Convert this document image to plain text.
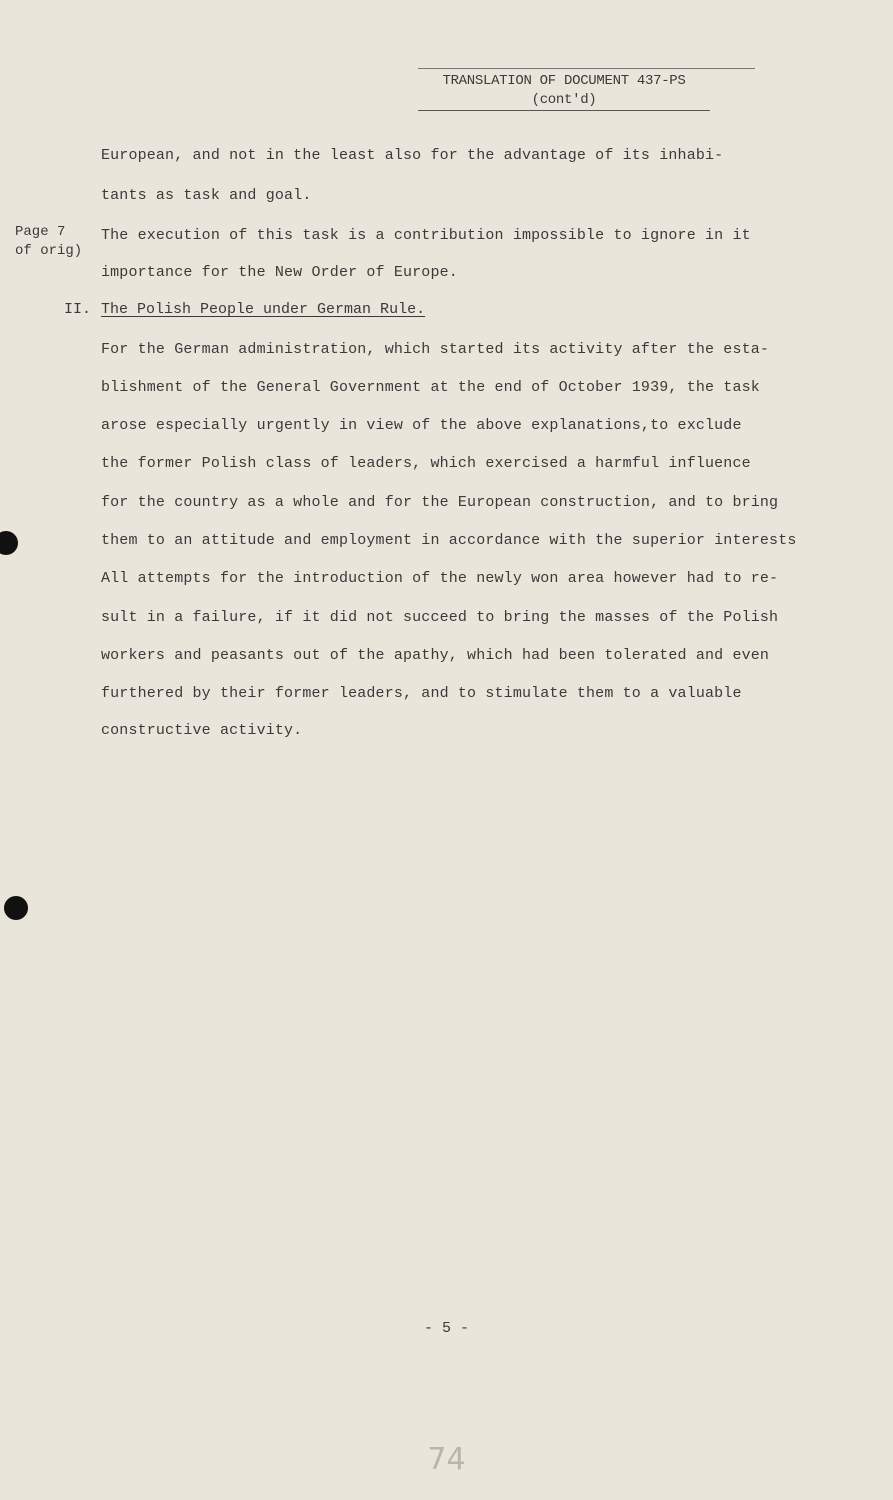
TRANSLATION OF DOCUMENT 437-PS
(cont'd)
European, and not in the least also for the advantage of its inhabi-
tants as task and goal.
Page 7
of orig)
The execution of this task is a contribution impossible to ignore in it
importance for the New Order of Europe.
II. The Polish People under German Rule.
For the German administration, which started its activity after the esta-
blishment of the General Government at the end of October 1939, the task
arose especially urgently in view of the above explanations,to exclude
the former Polish class of leaders, which exercised a harmful influence
for the country as a whole and for the European construction, and to bring
them to an attitude and employment in accordance with the superior interests
All attempts for the introduction of the newly won area however had to re-
sult in a failure, if it did not succeed to bring the masses of the Polish
workers and peasants out of the apathy, which had been tolerated and even
furthered by their former leaders, and to stimulate them to a valuable
constructive activity.
- 5 -
74
